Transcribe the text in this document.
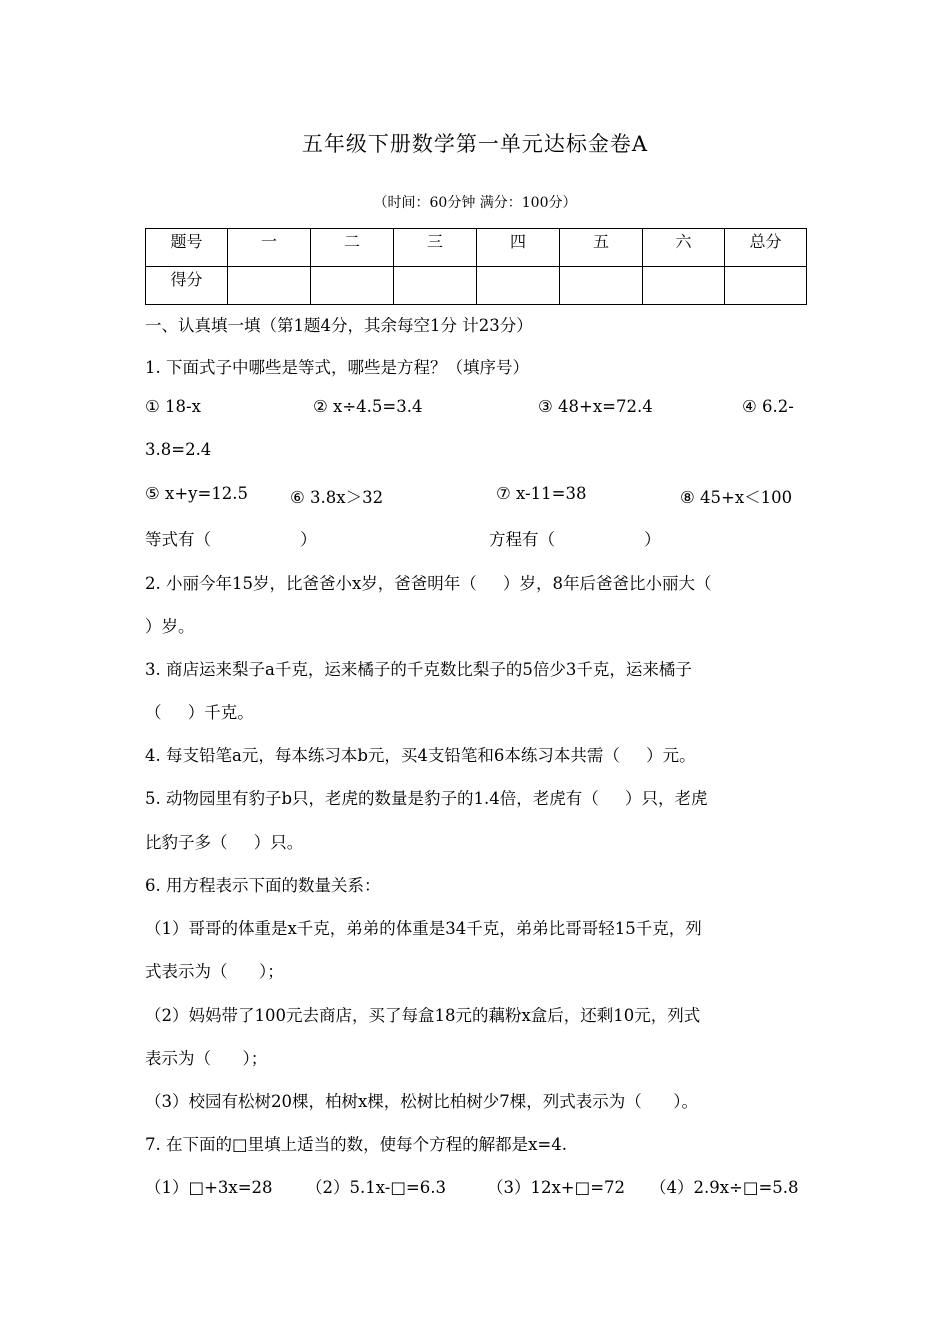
五年级下册数学第一单元达标金卷A
（时间：60分钟 满分：100分）
题号	一	二	三	四	五	六	总分
得分							
一、认真填一填（第1题4分，其余每空1分 计23分）
1. 下面式子中哪些是等式，哪些是方程？（填序号）
① 18-x	② x÷4.5=3.4	③ 48+x=72.4	④ 6.2-
3.8=2.4
⑤ x+y=12.5	⑥ 3.8x＞32	⑦ x-11=38	⑧ 45+x＜100
等式有（                 ）	方程有（                 ）
2. 小丽今年15岁，比爸爸小x岁，爸爸明年（     ）岁，8年后爸爸比小丽大（
）岁。
3. 商店运来梨子a千克，运来橘子的千克数比梨子的5倍少3千克，运来橘子
（     ）千克。
4. 每支铅笔a元，每本练习本b元，买4支铅笔和6本练习本共需（     ）元。
5. 动物园里有豹子b只，老虎的数量是豹子的1.4倍，老虎有（     ）只，老虎
比豹子多（     ）只。
6. 用方程表示下面的数量关系：
（1）哥哥的体重是x千克，弟弟的体重是34千克，弟弟比哥哥轻15千克，列
式表示为（      ）；
（2）妈妈带了100元去商店，买了每盒18元的藕粉x盒后，还剩10元，列式
表示为（      ）；
（3）校园有松树20棵，柏树x棵，松树比柏树少7棵，列式表示为（      ）。
7. 在下面的□里填上适当的数，使每个方程的解都是x=4.
（1）□+3x=28 （2）5.1x-□=6.3 （3）12x+□=72 （4）2.9x÷□=5.8
